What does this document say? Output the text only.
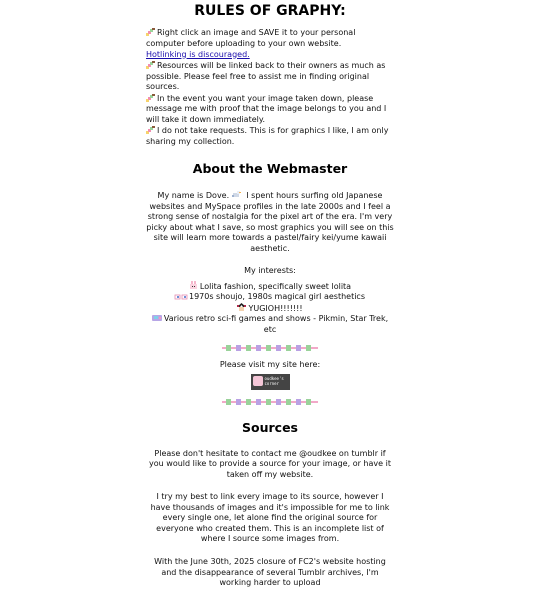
RULES OF GRAPHY:

Right click an image and SAVE it to your personal computer before uploading to your own website.
Hotlinking is discouraged.

Resources will be linked back to their owners as much as possible. Please feel free to assist me in finding original sources.

In the event you want your image taken down, please message me with proof that the image belongs to you and I will take it down immediately.

I do not take requests. This is for graphics I like, I am only sharing my collection.

About the Webmaster

My name is Dove. I spent hours surfing old Japanese websites and MySpace profiles in the late 2000s and I feel a strong sense of nostalgia for the pixel art of the era. I'm very picky about what I save, so most graphics you will see on this site will learn more towards a pastel/fairy kei/yume kawaii aesthetic.

My interests:

Lolita fashion, specifically sweet lolita

1970s shoujo, 1980s magical girl aesthetics

YUGIOH!!!!!!!

Various retro sci-fi games and shows - Pikmin, Star Trek, etc

Please visit my site here:

oudkee's
corner
Sources

Please don't hesitate to contact me @oudkee on tumblr if you would like to provide a source for your image, or have it taken off my website.

I try my best to link every image to its source, however I have thousands of images and it's impossible for me to link every single one, let alone find the original source for everyone who created them. This is an incomplete list of where I source some images from.

With the June 30th, 2025 closure of FC2's website hosting and the disappearance of several Tumblr archives, I'm working harder to upload
